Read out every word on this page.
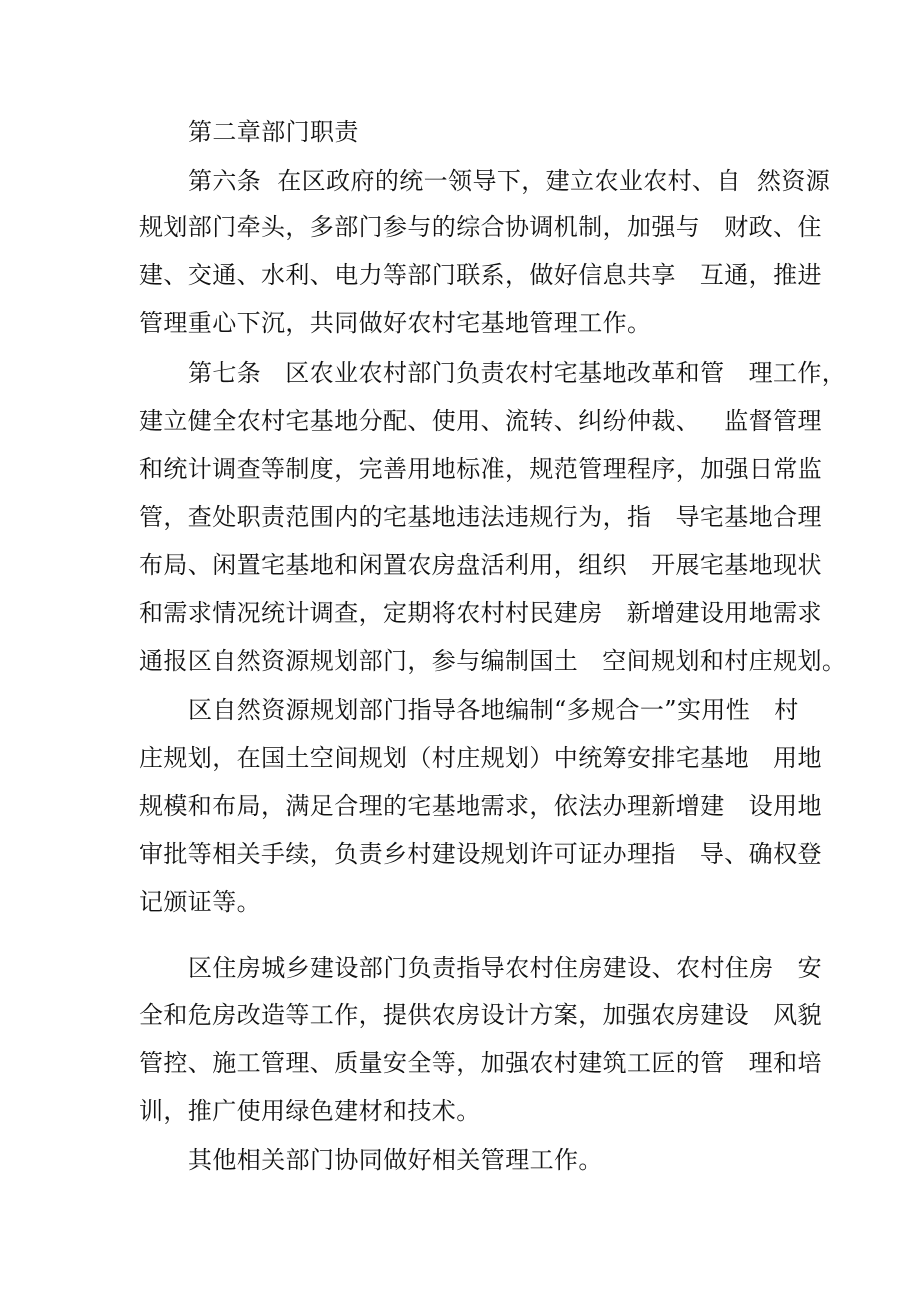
第二章部门职责
第六条  在区政府的统一领导下，建立农业农村、自  然资源
规划部门牵头，多部门参与的综合协调机制，加强与   财政、住
建、交通、水利、电力等部门联系，做好信息共享   互通，推进
管理重心下沉，共同做好农村宅基地管理工作。
第七条   区农业农村部门负责农村宅基地改革和管   理工作，
建立健全农村宅基地分配、使用、流转、纠纷仲裁、   监督管理
和统计调查等制度，完善用地标准，规范管理程序，加强日常监
管，查处职责范围内的宅基地违法违规行为，指   导宅基地合理
布局、闲置宅基地和闲置农房盘活利用，组织   开展宅基地现状
和需求情况统计调查，定期将农村村民建房   新增建设用地需求
通报区自然资源规划部门，参与编制国土   空间规划和村庄规划。
区自然资源规划部门指导各地编制“多规合一”实用性   村
庄规划，在国土空间规划（村庄规划）中统筹安排宅基地   用地
规模和布局，满足合理的宅基地需求，依法办理新增建   设用地
审批等相关手续，负责乡村建设规划许可证办理指   导、确权登
记颁证等。
区住房城乡建设部门负责指导农村住房建设、农村住房   安
全和危房改造等工作，提供农房设计方案，加强农房建设   风貌
管控、施工管理、质量安全等，加强农村建筑工匠的管   理和培
训，推广使用绿色建材和技术。
其他相关部门协同做好相关管理工作。
